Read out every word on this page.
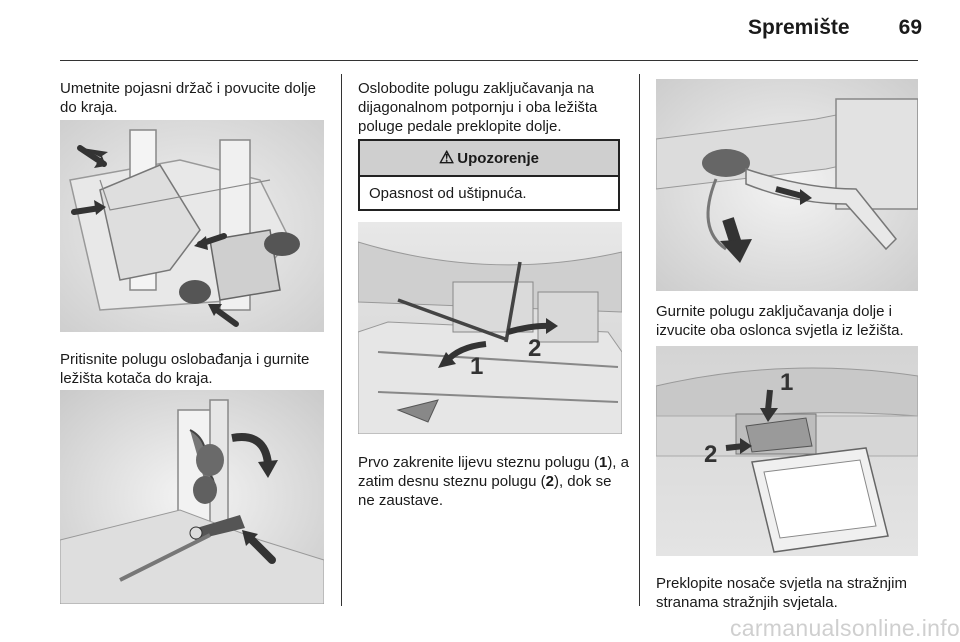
Spremište	69
Umetnite pojasni držač i povucite dolje do kraja.
Pritisnite polugu oslobađanja i gurnite ležišta kotača do kraja.
Oslobodite polugu zaključavanja na dijagonalnom potpornju i oba ležišta poluge pedale preklopite dolje.
⚠ Upozorenje
Opasnost od uštipnuća.
1
2
Prvo zakrenite lijevu steznu polugu (1), a zatim desnu steznu polugu (2), dok se ne zaustave.
Gurnite polugu zaključavanja dolje i izvucite oba oslonca svjetla iz ležišta.
1
2
Preklopite nosače svjetla na stražnjim stranama stražnjih svjetala.
carmanualsonline.info
